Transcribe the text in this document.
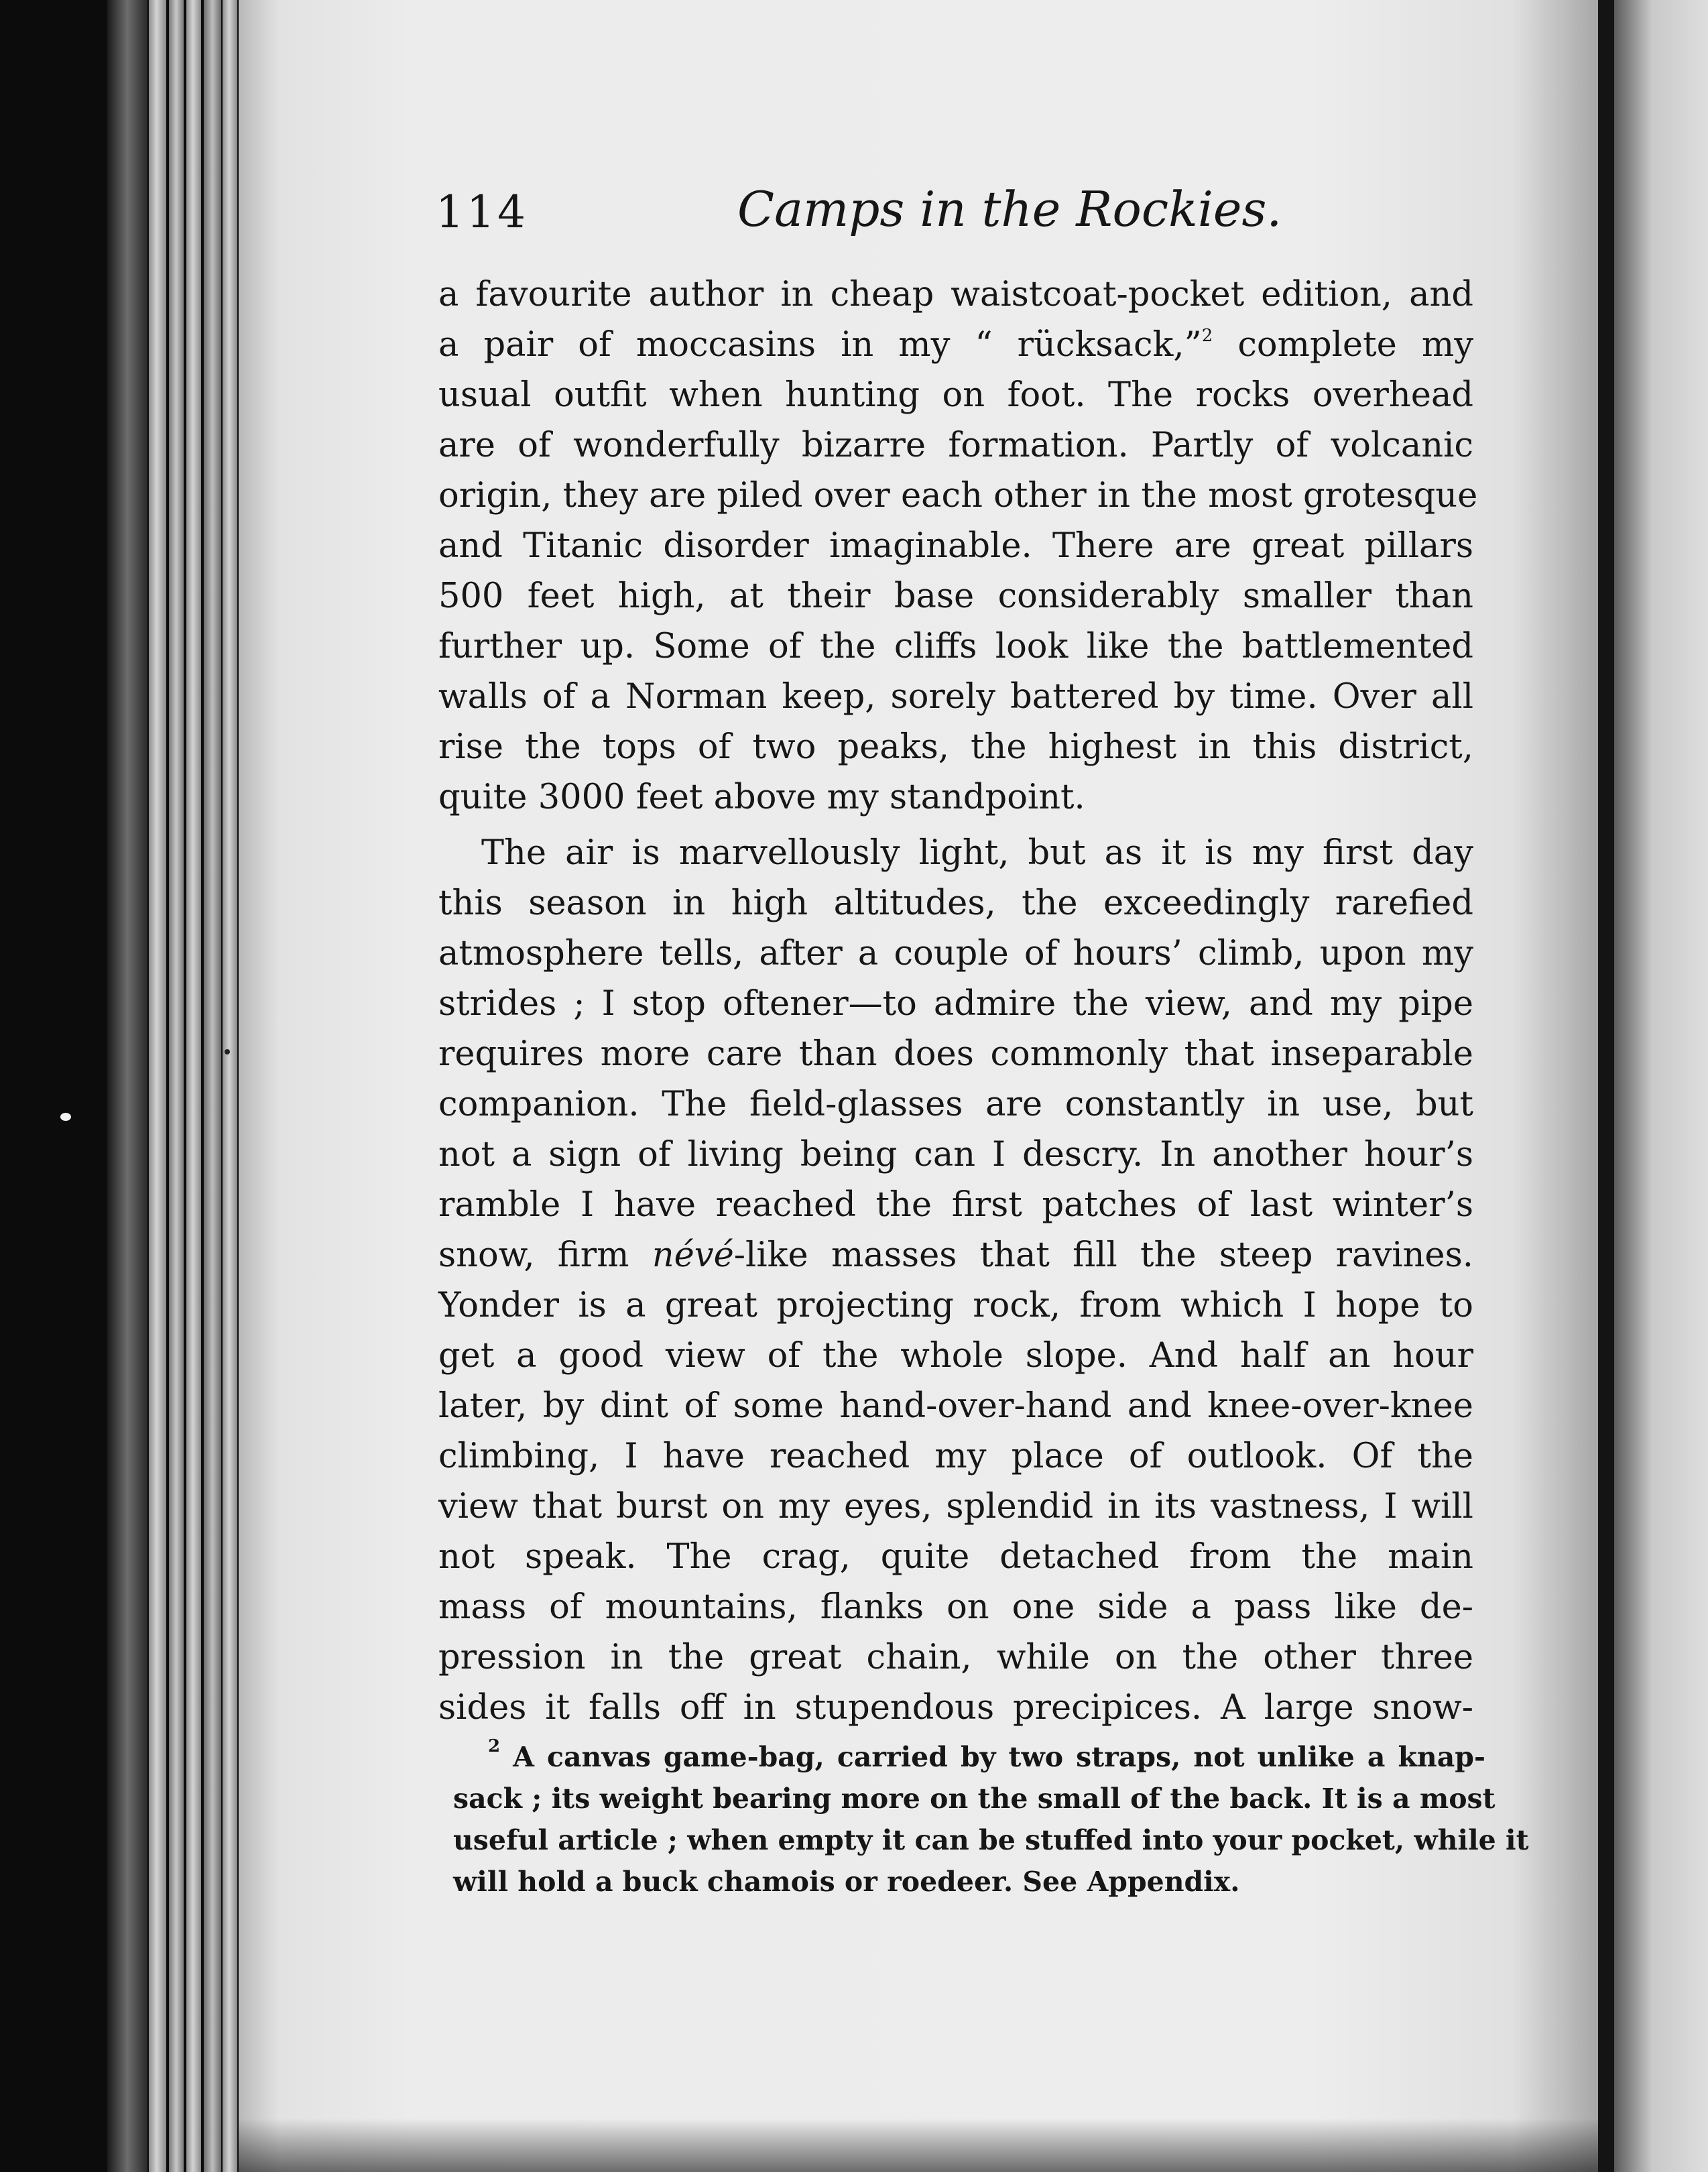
114	Camps in the Rockies.
a favourite author in cheap waistcoat-pocket edition, and
a pair of moccasins in my “ rücksack,”$^2$ complete my
usual outfit when hunting on foot. The rocks overhead
are of wonderfully bizarre formation. Partly of volcanic
origin, they are piled over each other in the most grotesque
and Titanic disorder imaginable. There are great pillars
500 feet high, at their base considerably smaller than
further up. Some of the cliffs look like the battlemented
walls of a Norman keep, sorely battered by time. Over all
rise the tops of two peaks, the highest in this district,
quite 3000 feet above my standpoint.
The air is marvellously light, but as it is my first day
this season in high altitudes, the exceedingly rarefied
atmosphere tells, after a couple of hours’ climb, upon my
strides ; I stop oftener—to admire the view, and my pipe
requires more care than does commonly that inseparable
companion. The field-glasses are constantly in use, but
not a sign of living being can I descry. In another hour’s
ramble I have reached the first patches of last winter’s
snow, firm névé-like masses that fill the steep ravines.
Yonder is a great projecting rock, from which I hope to
get a good view of the whole slope. And half an hour
later, by dint of some hand-over-hand and knee-over-knee
climbing, I have reached my place of outlook. Of the
view that burst on my eyes, splendid in its vastness, I will
not speak. The crag, quite detached from the main
mass of mountains, flanks on one side a pass like de-
pression in the great chain, while on the other three
sides it falls off in stupendous precipices. A large snow-
$^2$ A canvas game-bag, carried by two straps, not unlike a knap-
sack ; its weight bearing more on the small of the back. It is a most
useful article ; when empty it can be stuffed into your pocket, while it
will hold a buck chamois or roedeer. See Appendix.
